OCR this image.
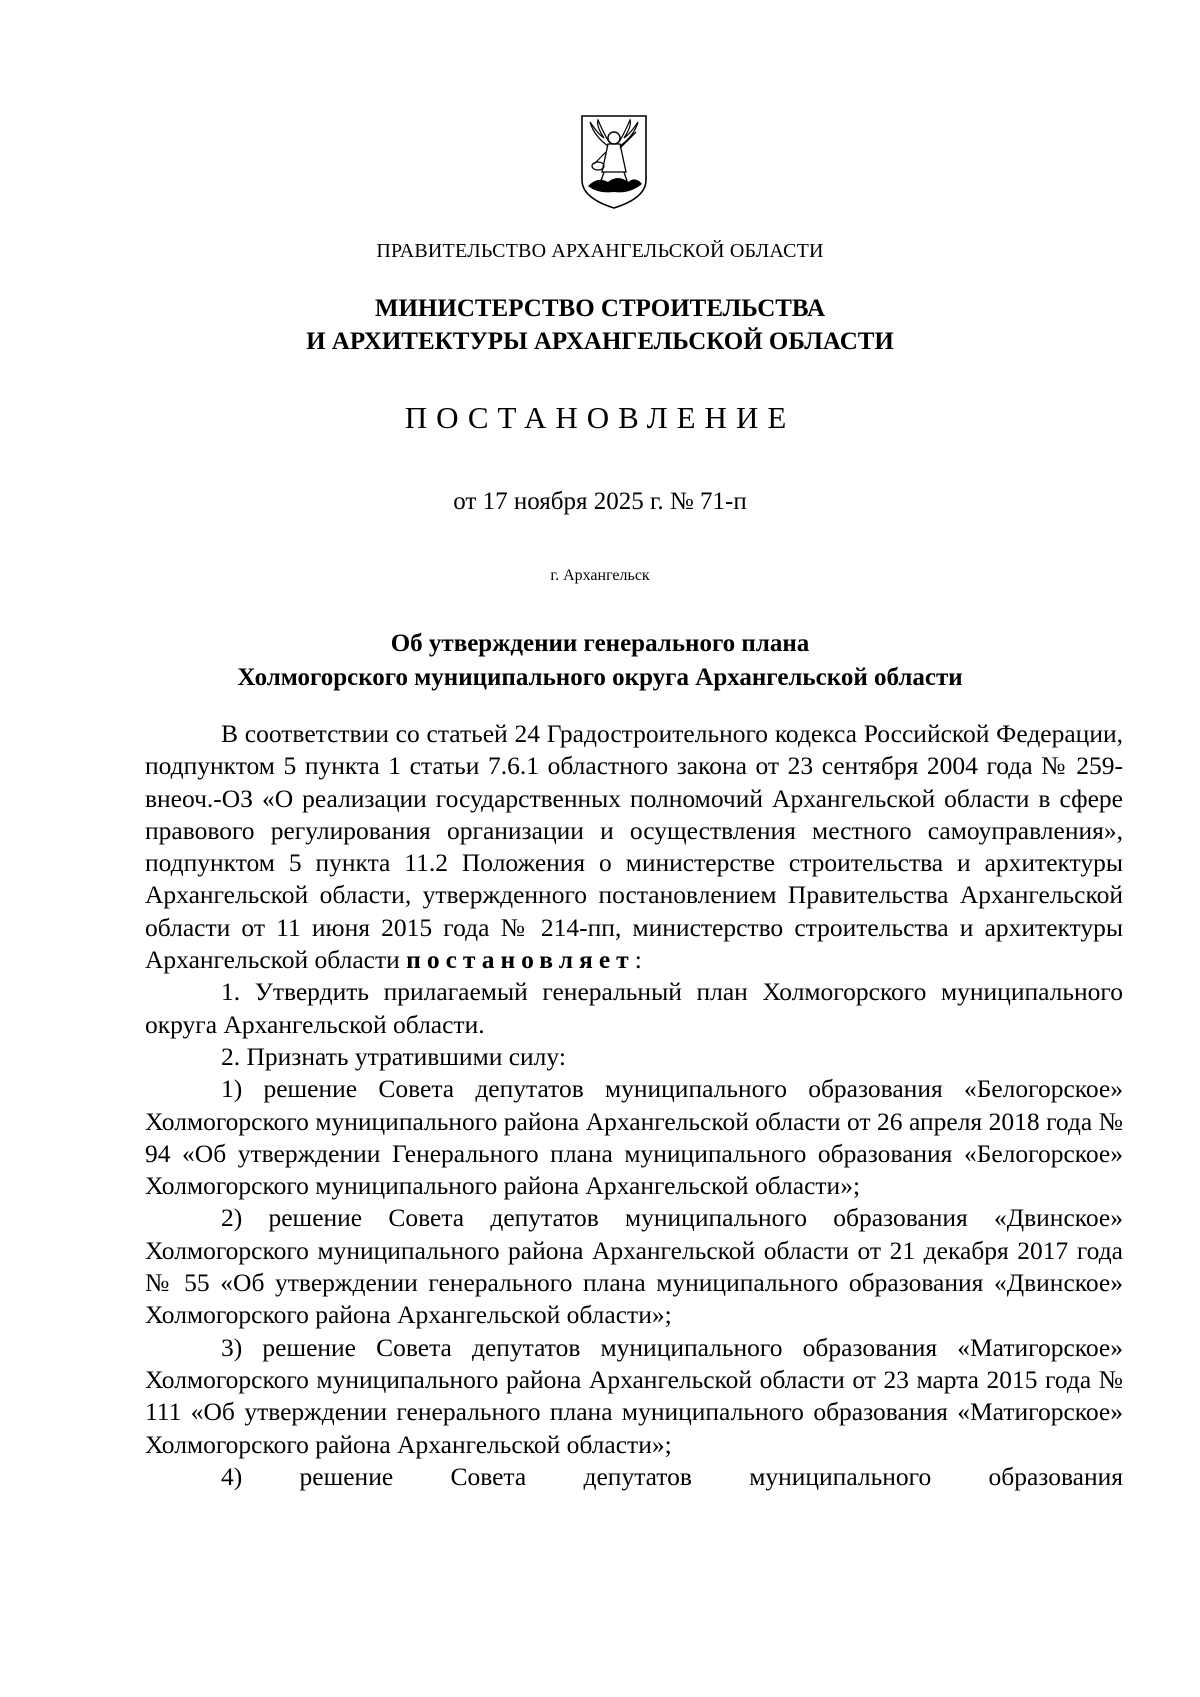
ПРАВИТЕЛЬСТВО АРХАНГЕЛЬСКОЙ ОБЛАСТИ
МИНИСТЕРСТВО СТРОИТЕЛЬСТВА
И АРХИТЕКТУРЫ АРХАНГЕЛЬСКОЙ ОБЛАСТИ
ПОСТАНОВЛЕНИЕ
от 17 ноября 2025 г. № 71-п
г. Архангельск
Об утверждении генерального плана
Холмогорского муниципального округа Архангельской области

В соответствии со статьей 24 Градостроительного кодекса Российской Федерации, подпунктом 5 пункта 1 статьи 7.6.1 областного закона от 23 сентября 2004 года № 259-внеоч.-ОЗ «О реализации государственных полномочий Архангельской области в сфере правового регулирования организации и осуществления местного самоуправления», подпунктом 5 пункта 11.2 Положения о министерстве строительства и архитектуры Архангельской области, утвержденного постановлением Правительства Архангельской области от 11 июня 2015 года № 214-пп, министерство строительства и архитектуры Архангельской области постановляет:

1. Утвердить прилагаемый генеральный план Холмогорского муниципального округа Архангельской области.

2. Признать утратившими силу:

1) решение Совета депутатов муниципального образования «Белогорское» Холмогорского муниципального района Архангельской области от 26 апреля 2018 года № 94 «Об утверждении Генерального плана муниципального образования «Белогорское» Холмогорского муниципального района Архангельской области»;

2) решение Совета депутатов муниципального образования «Двинское» Холмогорского муниципального района Архангельской области от 21 декабря 2017 года № 55 «Об утверждении генерального плана муниципального образования «Двинское» Холмогорского района Архангельской области»;

3) решение Совета депутатов муниципального образования «Матигорское» Холмогорского муниципального района Архангельской области от 23 марта 2015 года № 111 «Об утверждении генерального плана муниципального образования «Матигорское» Холмогорского района Архангельской области»;

4) решение Совета депутатов муниципального образования
